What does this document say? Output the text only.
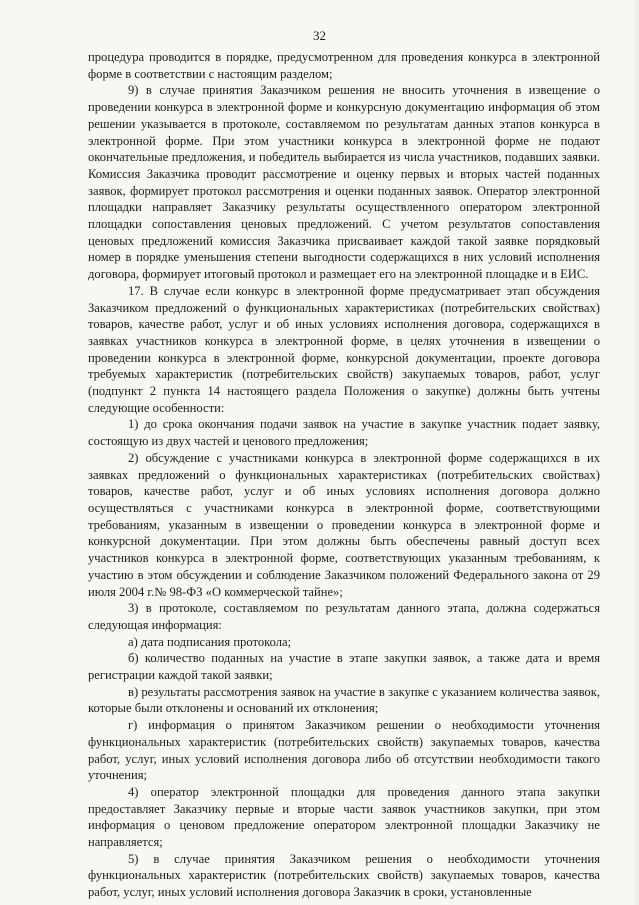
32

процедура проводится в порядке, предусмотренном для проведения конкурса в электронной форме в соответствии с настоящим разделом;

9) в случае принятия Заказчиком решения не вносить уточнения в извещение о проведении конкурса в электронной форме и конкурсную документацию информация об этом решении указывается в протоколе, составляемом по результатам данных этапов конкурса в электронной форме. При этом участники конкурса в электронной форме не подают окончательные предложения, и победитель выбирается из числа участников, подавших заявки. Комиссия Заказчика проводит рассмотрение и оценку первых и вторых частей поданных заявок, формирует протокол рассмотрения и оценки поданных заявок. Оператор электронной площадки направляет Заказчику результаты осуществленного оператором электронной площадки сопоставления ценовых предложений. С учетом результатов сопоставления ценовых предложений комиссия Заказчика присваивает каждой такой заявке порядковый номер в порядке уменьшения степени выгодности содержащихся в них условий исполнения договора, формирует итоговый протокол и размещает его на электронной площадке и в ЕИС.

17. В случае если конкурс в электронной форме предусматривает этап обсуждения Заказчиком предложений о функциональных характеристиках (потребительских свойствах) товаров, качестве работ, услуг и об иных условиях исполнения договора, содержащихся в заявках участников конкурса в электронной форме, в целях уточнения в извещении о проведении конкурса в электронной форме, конкурсной документации, проекте договора требуемых характеристик (потребительских свойств) закупаемых товаров, работ, услуг (подпункт 2 пункта 14 настоящего раздела Положения о закупке) должны быть учтены следующие особенности:

1) до срока окончания подачи заявок на участие в закупке участник подает заявку, состоящую из двух частей и ценового предложения;

2) обсуждение с участниками конкурса в электронной форме содержащихся в их заявках предложений о функциональных характеристиках (потребительских свойствах) товаров, качестве работ, услуг и об иных условиях исполнения договора должно осуществляться с участниками конкурса в электронной форме, соответствующими требованиям, указанным в извещении о проведении конкурса в электронной форме и конкурсной документации. При этом должны быть обеспечены равный доступ всех участников конкурса в электронной форме, соответствующих указанным требованиям, к участию в этом обсуждении и соблюдение Заказчиком положений Федерального закона от 29 июля 2004 г.№ 98-ФЗ «О коммерческой тайне»;

3) в протоколе, составляемом по результатам данного этапа, должна содержаться следующая информация:

а) дата подписания протокола;

б) количество поданных на участие в этапе закупки заявок, а также дата и время регистрации каждой такой заявки;

в) результаты рассмотрения заявок на участие в закупке с указанием количества заявок, которые были отклонены и оснований их отклонения;

г) информация о принятом Заказчиком решении о необходимости уточнения функциональных характеристик (потребительских свойств) закупаемых товаров, качества работ, услуг, иных условий исполнения договора либо об отсутствии необходимости такого уточнения;

4) оператор электронной площадки для проведения данного этапа закупки предоставляет Заказчику первые и вторые части заявок участников закупки, при этом информация о ценовом предложение оператором электронной площадки Заказчику не направляется;

5) в случае принятия Заказчиком решения о необходимости уточнения функциональных характеристик (потребительских свойств) закупаемых товаров, качества работ, услуг, иных условий исполнения договора Заказчик в сроки, установленные
